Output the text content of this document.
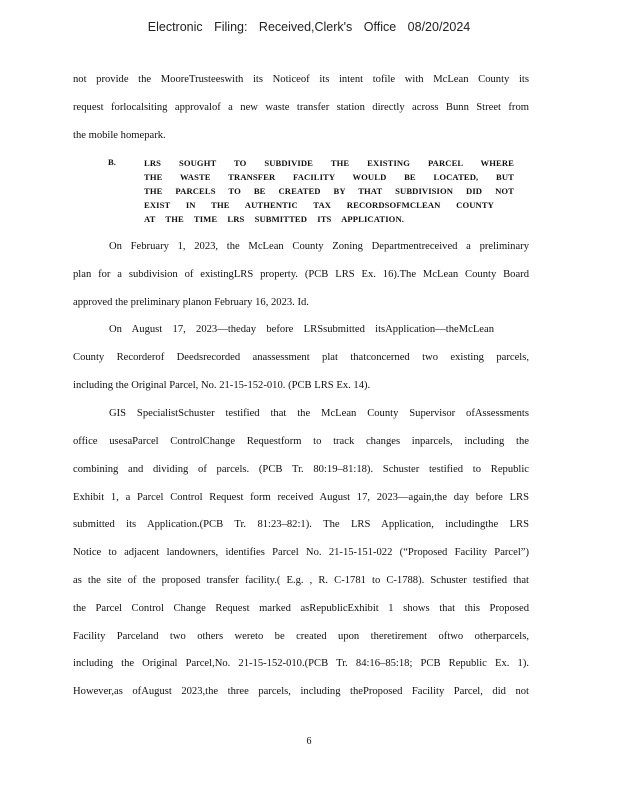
Electronic Filing: Received,Clerk's Office 08/20/2024
not provide the MooreTrusteeswith its Noticeof its intent tofile with McLean County its
request forlocalsiting approvalof a new waste transfer station directly across Bunn Street from
the mobile homepark.
B.	LRS SOUGHT TO SUBDIVIDE THE EXISTING PARCEL WHERE
THE WASTE TRANSFER FACILITY WOULD BE LOCATED, BUT
THE PARCELS TO BE CREATED BY THAT SUBDIVISION DID NOT
EXIST IN THE AUTHENTIC TAX RECORDSOFMCLEAN COUNTY
AT THE TIME LRS SUBMITTED ITS APPLICATION.
On February 1, 2023, the McLean County Zoning Departmentreceived a preliminary
plan for a subdivision of existingLRS property. (PCB LRS Ex. 16).The McLean County Board
approved the preliminary planon February 16, 2023. Id.
On August 17, 2023—theday before LRSsubmitted itsApplication—theMcLean
County Recorderof Deedsrecorded anassessment plat thatconcerned two existing parcels,
including the Original Parcel, No. 21-15-152-010. (PCB LRS Ex. 14).
GIS SpecialistSchuster testified that the McLean County Supervisor ofAssessments
office usesaParcel ControlChange Requestform to track changes inparcels, including the
combining and dividing of parcels. (PCB Tr. 80:19–81:18). Schuster testified to Republic
Exhibit 1, a Parcel Control Request form received August 17, 2023—again,the day before LRS
submitted its Application.(PCB Tr. 81:23–82:1). The LRS Application, includingthe LRS
Notice to adjacent landowners, identifies Parcel No. 21-15-151-022 (“Proposed Facility Parcel”)
as the site of the proposed transfer facility.( E.g. , R. C-1781 to C-1788). Schuster testified that
the Parcel Control Change Request marked asRepublicExhibit 1 shows that this Proposed
Facility Parceland two others wereto be created upon theretirement oftwo otherparcels,
including the Original Parcel,No. 21-15-152-010.(PCB Tr. 84:16–85:18; PCB Republic Ex. 1).
However,as ofAugust 2023,the three parcels, including theProposed Facility Parcel, did not
6
